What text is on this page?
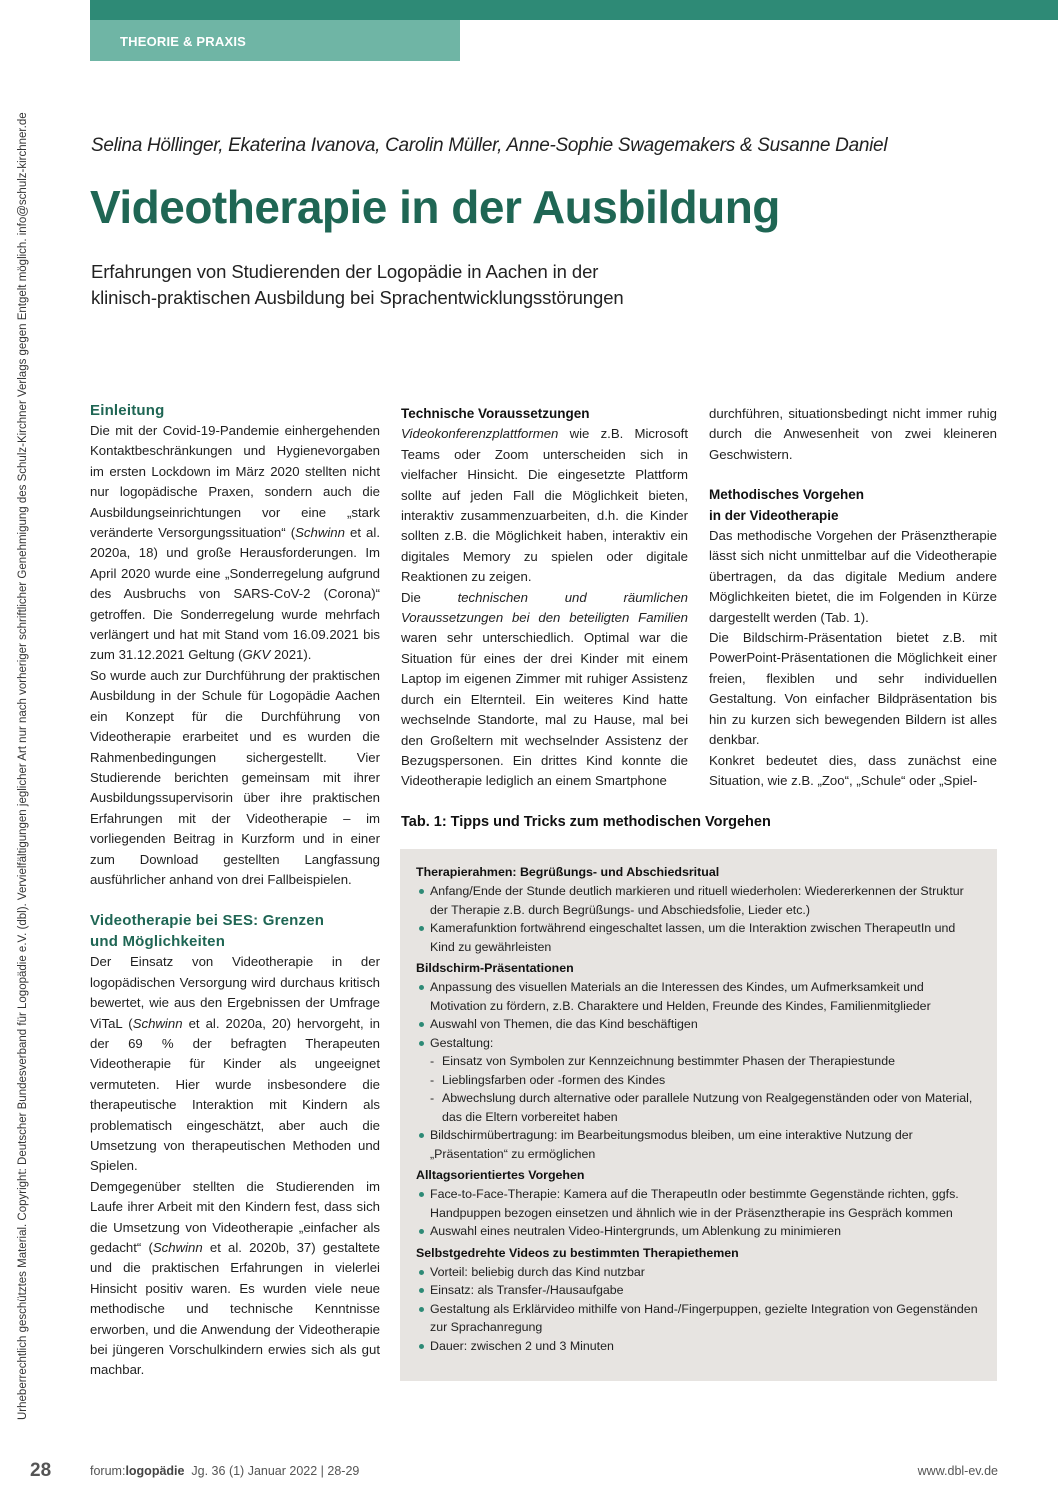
THEORIE & PRAXIS
Urheberrechtlich geschütztes Material. Copyright: Deutscher Bundesverband für Logopädie e.V. (dbl). Vervielfältigungen jeglicher Art nur nach vorheriger schriftlicher Genehmigung des Schulz-Kirchner Verlags gegen Entgelt möglich. info@schulz-kirchner.de	Selina Höllinger, Ekaterina Ivanova, Carolin Müller, Anne-Sophie Swagemakers & Susanne Daniel
Videotherapie in der Ausbildung
Erfahrungen von Studierenden der Logopädie in Aachen in der
klinisch-praktischen Ausbildung bei Sprachentwicklungsstörungen
Einleitung

Die mit der Covid-19-Pandemie einhergehenden Kontaktbeschränkungen und Hygienevorgaben im ersten Lockdown im März 2020 stellten nicht nur logopädische Praxen, sondern auch die Ausbildungseinrichtungen vor eine „stark veränderte Versorgungssituation“ (Schwinn et al. 2020a, 18) und große Herausforderungen. Im April 2020 wurde eine „Sonderregelung aufgrund des Ausbruchs von SARS-CoV-2 (Corona)“ getroffen. Die Sonderregelung wurde mehrfach verlängert und hat mit Stand vom 16.09.2021 bis zum 31.12.2021 Geltung (GKV 2021).

So wurde auch zur Durchführung der praktischen Ausbildung in der Schule für Logopädie Aachen ein Konzept für die Durchführung von Videotherapie erarbeitet und es wurden die Rahmenbedingungen sichergestellt. Vier Studierende berichten gemeinsam mit ihrer Ausbildungssupervisorin über ihre praktischen Erfahrungen mit der Videotherapie – im vorliegenden Beitrag in Kurzform und in einer zum Download gestellten Langfassung ausführlicher anhand von drei Fallbeispielen.

Videotherapie bei SES: Grenzen
und Möglichkeiten

Der Einsatz von Videotherapie in der logopädischen Versorgung wird durchaus kritisch bewertet, wie aus den Ergebnissen der Umfrage ViTaL (Schwinn et al. 2020a, 20) hervorgeht, in der 69 % der befragten Therapeuten Videotherapie für Kinder als ungeeignet vermuteten. Hier wurde insbesondere die therapeutische Interaktion mit Kindern als problematisch eingeschätzt, aber auch die Umsetzung von therapeutischen Methoden und Spielen.

Demgegenüber stellten die Studierenden im Laufe ihrer Arbeit mit den Kindern fest, dass sich die Umsetzung von Videotherapie „einfacher als gedacht“ (Schwinn et al. 2020b, 37) gestaltete und die praktischen Erfahrungen in vielerlei Hinsicht positiv waren. Es wurden viele neue methodische und technische Kenntnisse erworben, und die Anwendung der Videotherapie bei jüngeren Vorschulkindern erwies sich als gut machbar.

Technische Voraussetzungen

Videokonferenzplattformen wie z.B. Microsoft Teams oder Zoom unterscheiden sich in vielfacher Hinsicht. Die eingesetzte Plattform sollte auf jeden Fall die Möglichkeit bieten, interaktiv zusammenzuarbeiten, d.h. die Kinder sollten z.B. die Möglichkeit haben, interaktiv ein digitales Memory zu spielen oder digitale Reaktionen zu zeigen.

Die technischen und räumlichen Voraussetzungen bei den beteiligten Familien waren sehr unterschiedlich. Optimal war die Situation für eines der drei Kinder mit einem Laptop im eigenen Zimmer mit ruhiger Assistenz durch ein Elternteil. Ein weiteres Kind hatte wechselnde Standorte, mal zu Hause, mal bei den Großeltern mit wechselnder Assistenz der Bezugspersonen. Ein drittes Kind konnte die Videotherapie lediglich an einem Smartphone

durchführen, situationsbedingt nicht immer ruhig durch die Anwesenheit von zwei kleineren Geschwistern.

Methodisches Vorgehen
in der Videotherapie

Das methodische Vorgehen der Präsenztherapie lässt sich nicht unmittelbar auf die Videotherapie übertragen, da das digitale Medium andere Möglichkeiten bietet, die im Folgenden in Kürze dargestellt werden (Tab. 1).

Die Bildschirm-Präsentation bietet z.B. mit PowerPoint-Präsentationen die Möglichkeit einer freien, flexiblen und sehr individuellen Gestaltung. Von einfacher Bildpräsentation bis hin zu kurzen sich bewegenden Bildern ist alles denkbar.

Konkret bedeutet dies, dass zunächst eine Situation, wie z.B. „Zoo“, „Schule“ oder „Spiel-

Tab. 1: Tipps und Tricks zum methodischen Vorgehen
Therapierahmen: Begrüßungs- und Abschiedsritual
Anfang/Ende der Stunde deutlich markieren und rituell wiederholen: Wiedererkennen der Struktur der Therapie z.B. durch Begrüßungs- und Abschiedsfolie, Lieder etc.)
Kamerafunktion fortwährend eingeschaltet lassen, um die Interaktion zwischen TherapeutIn und Kind zu gewährleisten
Bildschirm-Präsentationen
Anpassung des visuellen Materials an die Interessen des Kindes, um Aufmerksamkeit und Motivation zu fördern, z.B. Charaktere und Helden, Freunde des Kindes, Familienmitglieder
Auswahl von Themen, die das Kind beschäftigen
Gestaltung:
- Einsatz von Symbolen zur Kennzeichnung bestimmter Phasen der Therapiestunde
- Lieblingsfarben oder -formen des Kindes
- Abwechslung durch alternative oder parallele Nutzung von Realgegenständen oder von Material, das die Eltern vorbereitet haben
Bildschirmübertragung: im Bearbeitungsmodus bleiben, um eine interaktive Nutzung der „Präsentation“ zu ermöglichen
Alltagsorientiertes Vorgehen
Face-to-Face-Therapie: Kamera auf die TherapeutIn oder bestimmte Gegenstände richten, ggfs. Handpuppen bezogen einsetzen und ähnlich wie in der Präsenztherapie ins Gespräch kommen
Auswahl eines neutralen Video-Hintergrunds, um Ablenkung zu minimieren
Selbstgedrehte Videos zu bestimmten Therapiethemen
Vorteil: beliebig durch das Kind nutzbar
Einsatz: als Transfer-/Hausaufgabe
Gestaltung als Erklärvideo mithilfe von Hand-/Fingerpuppen, gezielte Integration von Gegenständen zur Sprachanregung
Dauer: zwischen 2 und 3 Minuten
28	forum:logopädie  Jg. 36 (1) Januar 2022 | 28-29	www.dbl-ev.de
